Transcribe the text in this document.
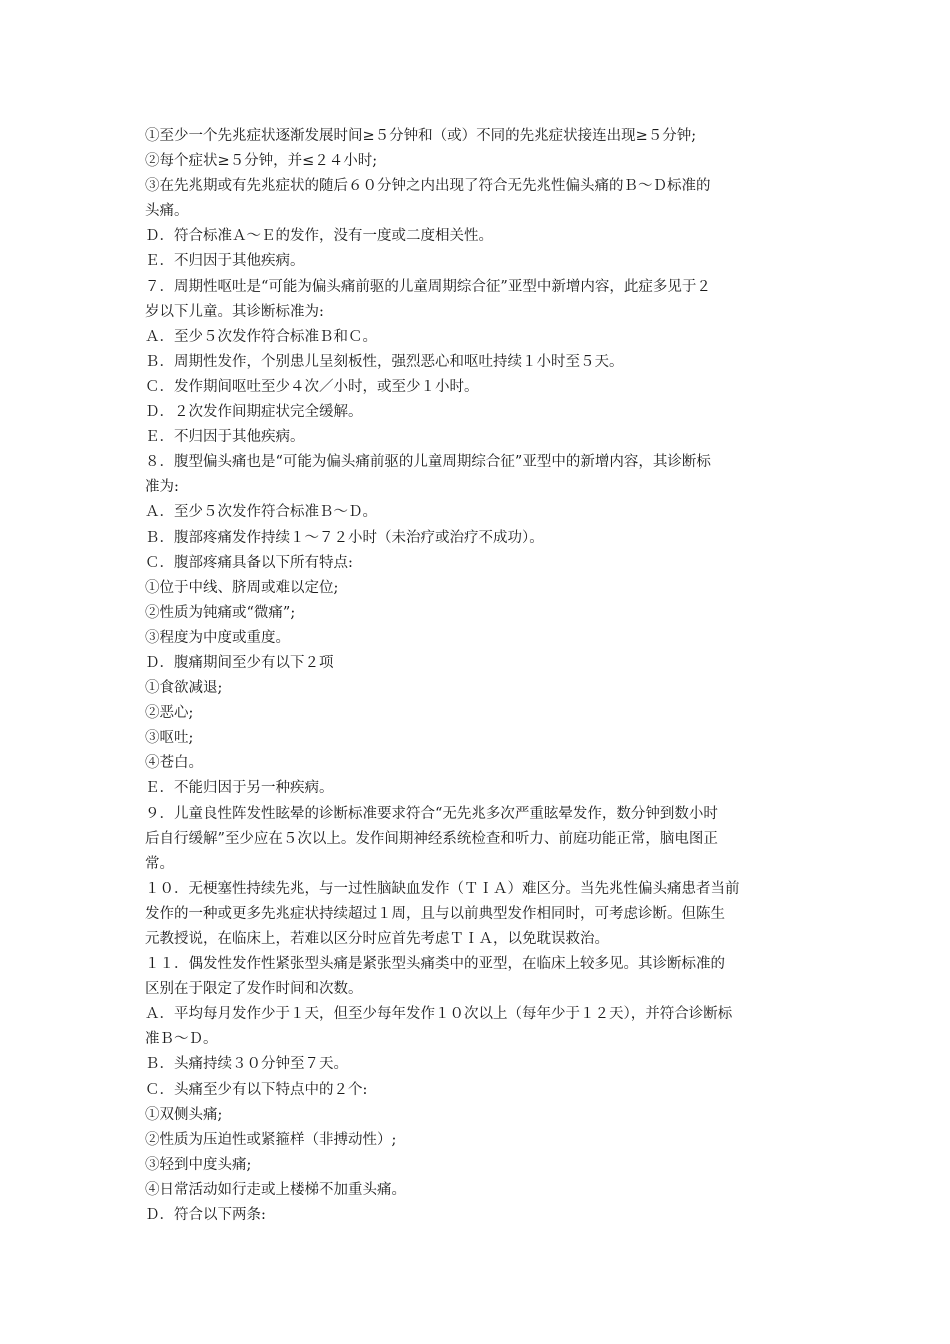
①至少一个先兆症状逐渐发展时间≥５分钟和（或）不同的先兆症状接连出现≥５分钟;
②每个症状≥５分钟，并≤２４小时;
③在先兆期或有先兆症状的随后６０分钟之内出现了符合无先兆性偏头痛的Ｂ～Ｄ标准的
头痛。
Ｄ．符合标准Ａ～Ｅ的发作，没有一度或二度相关性。
Ｅ．不归因于其他疾病。
７．周期性呕吐是“可能为偏头痛前驱的儿童周期综合征”亚型中新增内容，此症多见于２
岁以下儿童。其诊断标准为:
Ａ．至少５次发作符合标准Ｂ和Ｃ。
Ｂ．周期性发作，个别患儿呈刻板性，强烈恶心和呕吐持续１小时至５天。
Ｃ．发作期间呕吐至少４次／小时，或至少１小时。
Ｄ．２次发作间期症状完全缓解。
Ｅ．不归因于其他疾病。
８．腹型偏头痛也是“可能为偏头痛前驱的儿童周期综合征”亚型中的新增内容，其诊断标
准为:
Ａ．至少５次发作符合标准Ｂ～Ｄ。
Ｂ．腹部疼痛发作持续１～７２小时（未治疗或治疗不成功）。
Ｃ．腹部疼痛具备以下所有特点:
①位于中线、脐周或难以定位;
②性质为钝痛或“微痛”;
③程度为中度或重度。
Ｄ．腹痛期间至少有以下２项
①食欲减退;
②恶心;
③呕吐;
④苍白。
Ｅ．不能归因于另一种疾病。
９．儿童良性阵发性眩晕的诊断标准要求符合“无先兆多次严重眩晕发作，数分钟到数小时
后自行缓解”至少应在５次以上。发作间期神经系统检查和听力、前庭功能正常，脑电图正
常。
１０．无梗塞性持续先兆，与一过性脑缺血发作（ＴＩＡ）难区分。当先兆性偏头痛患者当前
发作的一种或更多先兆症状持续超过１周，且与以前典型发作相同时，可考虑诊断。但陈生
元教授说，在临床上，若难以区分时应首先考虑ＴＩＡ，以免耽误救治。
１１．偶发性发作性紧张型头痛是紧张型头痛类中的亚型，在临床上较多见。其诊断标准的
区别在于限定了发作时间和次数。
Ａ．平均每月发作少于１天，但至少每年发作１０次以上（每年少于１２天），并符合诊断标
准Ｂ～Ｄ。
Ｂ．头痛持续３０分钟至７天。
Ｃ．头痛至少有以下特点中的２个:
①双侧头痛;
②性质为压迫性或紧箍样（非搏动性）;
③轻到中度头痛;
④日常活动如行走或上楼梯不加重头痛。
Ｄ．符合以下两条:
